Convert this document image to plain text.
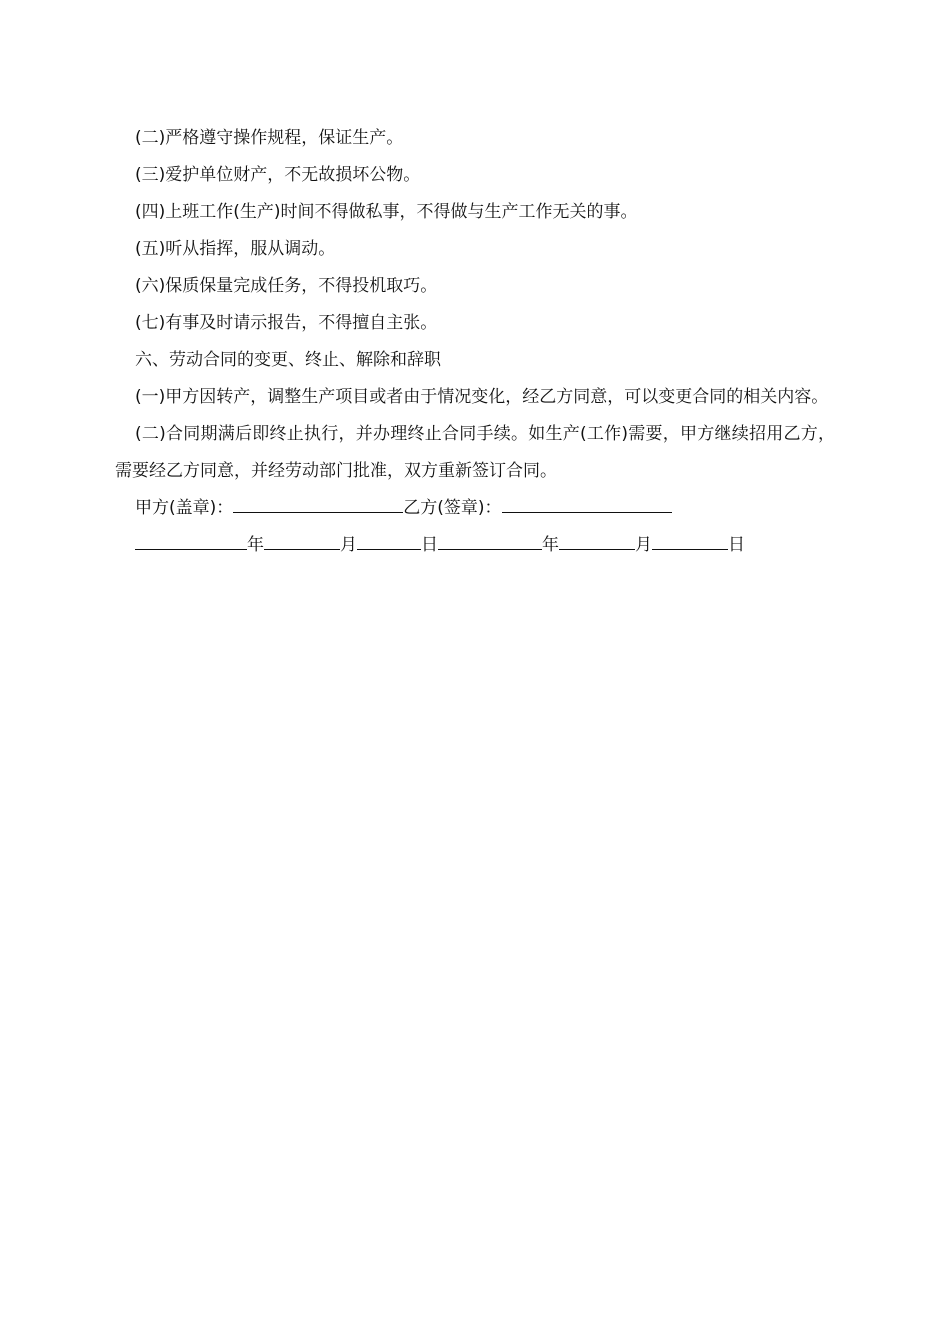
(二)严格遵守操作规程，保证生产。

(三)爱护单位财产，不无故损坏公物。

(四)上班工作(生产)时间不得做私事，不得做与生产工作无关的事。

(五)听从指挥，服从调动。

(六)保质保量完成任务，不得投机取巧。

(七)有事及时请示报告，不得擅自主张。

六、劳动合同的变更、终止、解除和辞职

(一)甲方因转产，调整生产项目或者由于情况变化，经乙方同意，可以变更合同的相关内容。

(二)合同期满后即终止执行，并办理终止合同手续。如生产(工作)需要，甲方继续招用乙方，需要经乙方同意，并经劳动部门批准，双方重新签订合同。

甲方(盖章)：	乙方(签章)：

年	月	日	年	月	日
